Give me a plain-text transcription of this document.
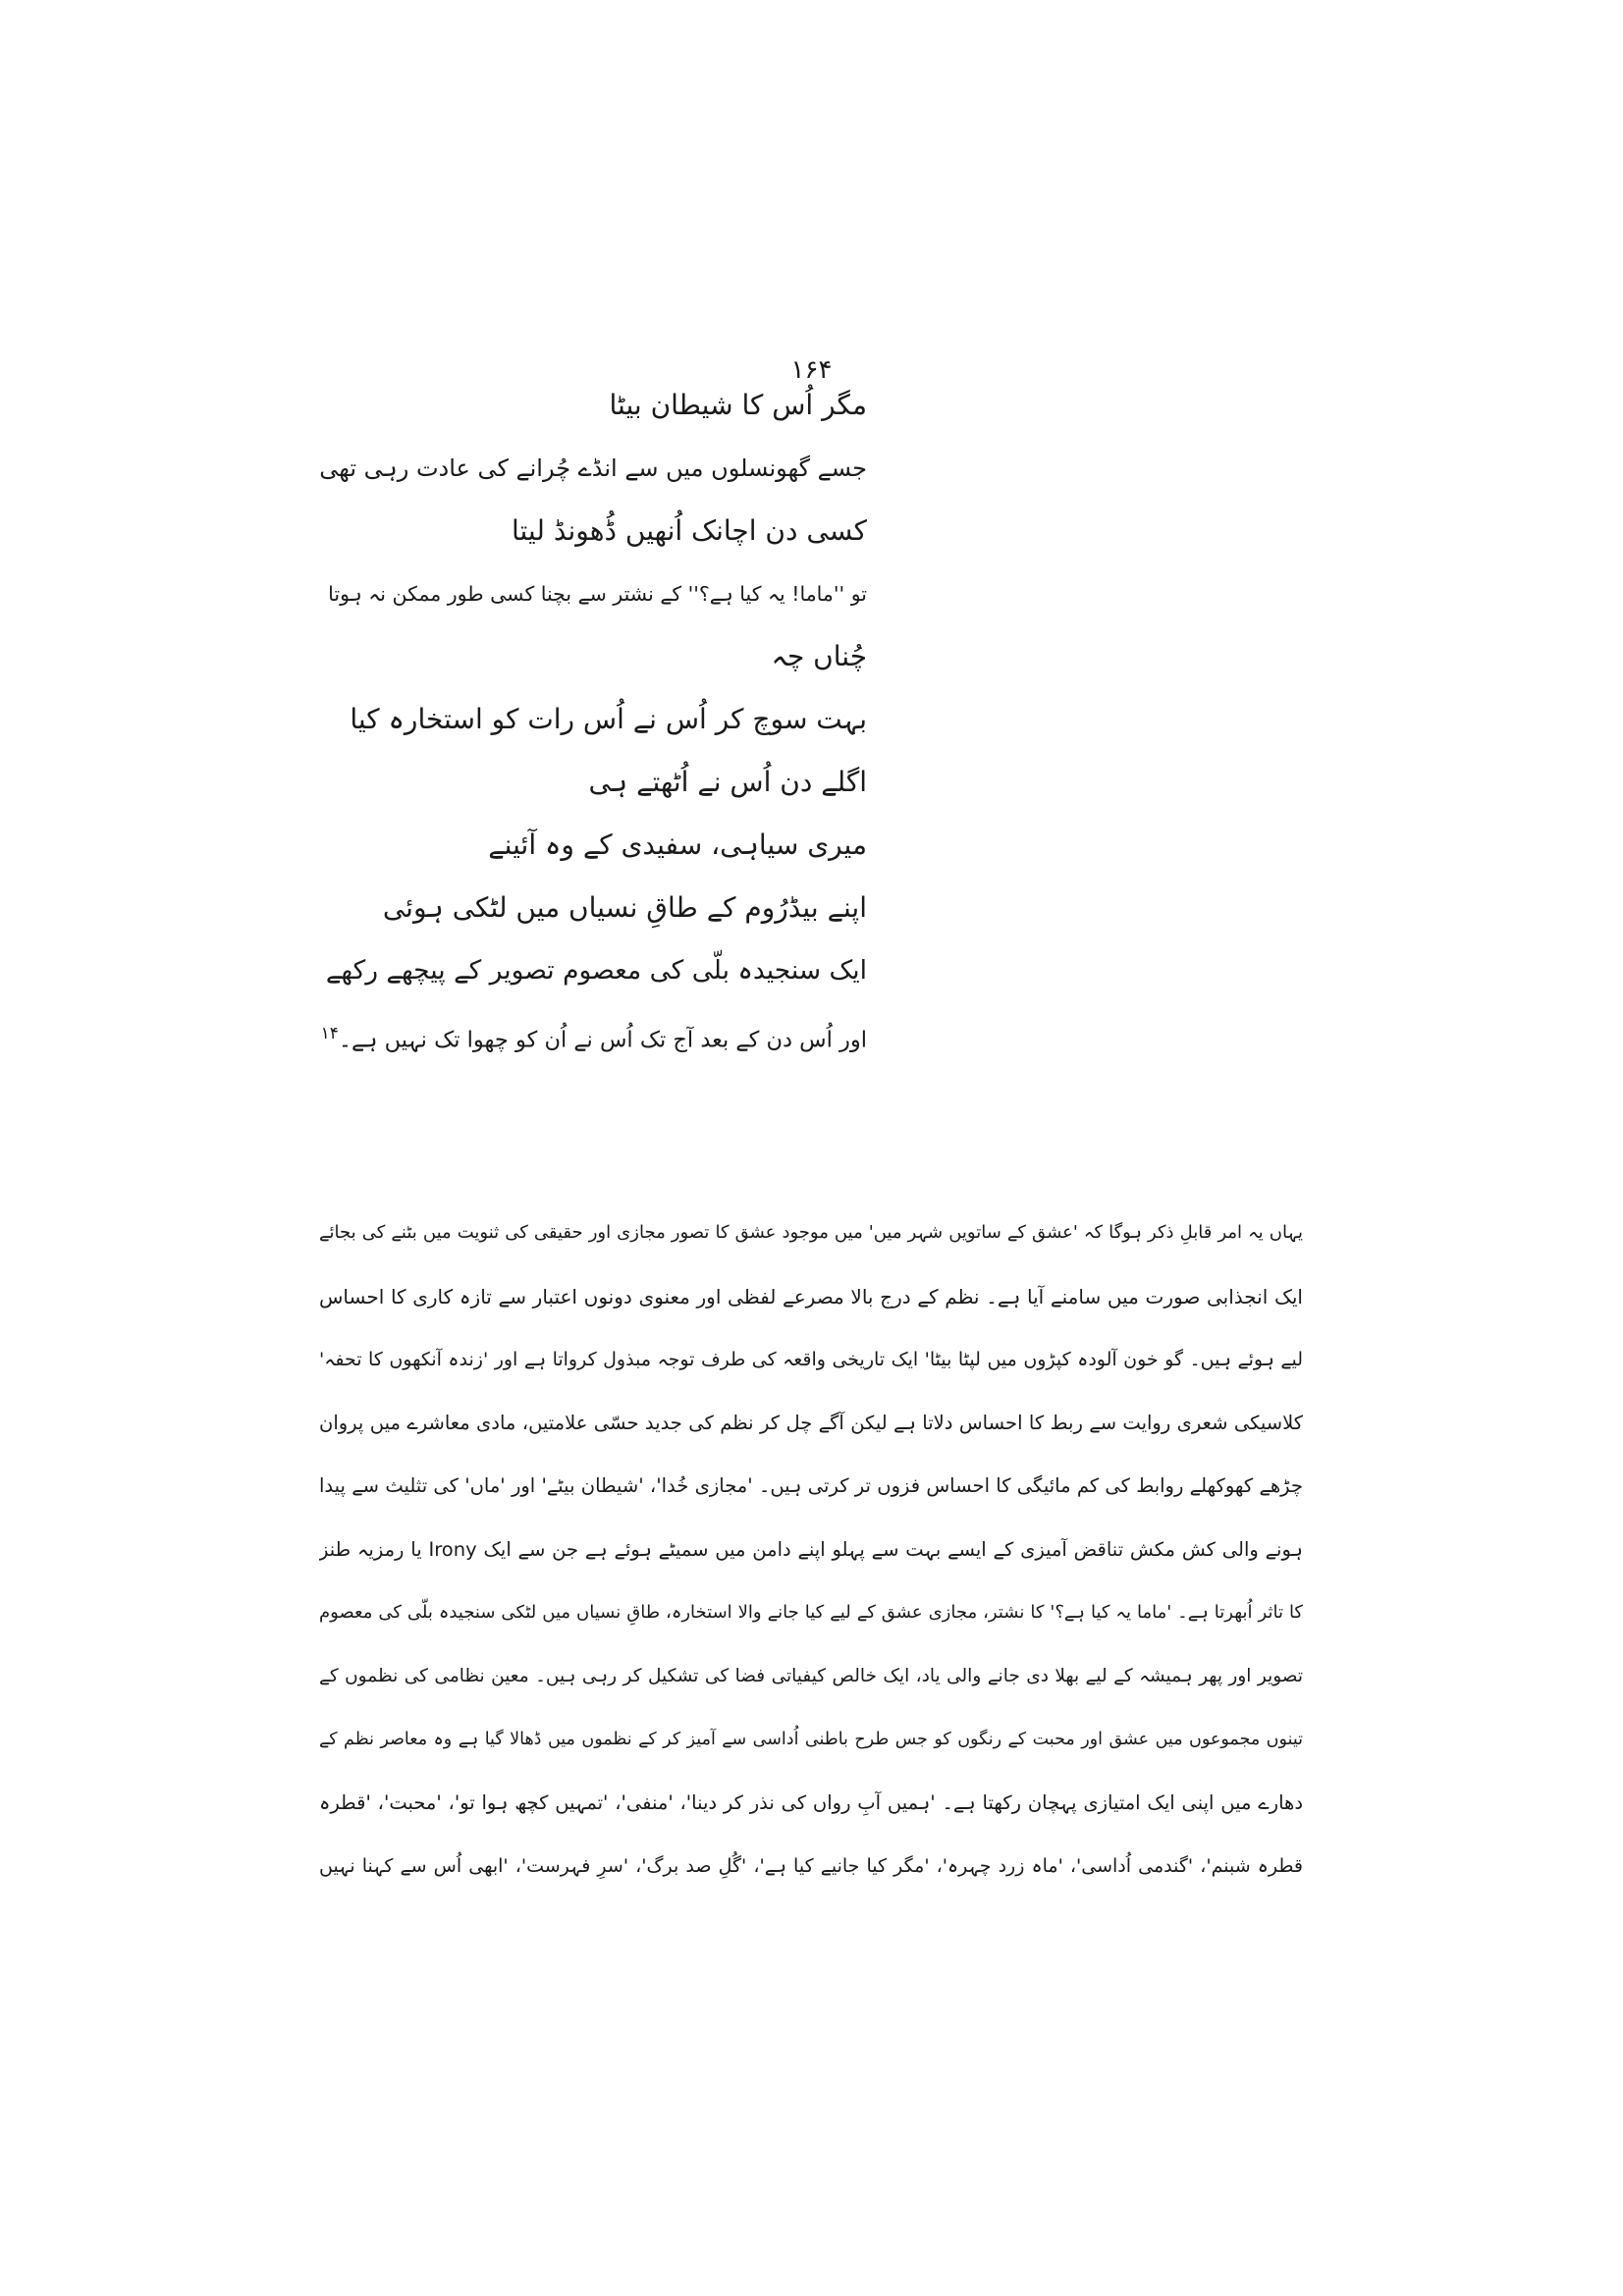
۱۶۴
مگر اُس کا شیطان بیٹا
جسے گھونسلوں میں سے انڈے چُرانے کی عادت رہی تھی
کسی دن اچانک اُنھیں ڈُھونڈ لیتا
تو ''ماما! یہ کیا ہے؟'' کے نشتر سے بچنا کسی طور ممکن نہ ہوتا
چُناں چہ
بہت سوچ کر اُس نے اُس رات کو استخارہ کیا
اگلے دن اُس نے اُٹھتے ہی
میری سیاہی، سفیدی کے وہ آئینے
اپنے بیڈرُوم کے طاقِ نسیاں میں لٹکی ہوئی
ایک سنجیدہ بلّی کی معصوم تصویر کے پیچھے رکھے
اور اُس دن کے بعد آج تک اُس نے اُن کو چھوا تک نہیں ہے۔$^{۱۴}$
یہاں یہ امر قابلِ ذکر ہوگا کہ 'عشق کے ساتویں شہر میں' میں موجود عشق کا تصور مجازی اور حقیقی کی ثنویت میں بٹنے کی بجائے
ایک انجذابی صورت میں سامنے آیا ہے۔ نظم کے درج بالا مصرعے لفظی اور معنوی دونوں اعتبار سے تازہ کاری کا احساس
لیے ہوئے ہیں۔ گو خون آلودہ کپڑوں میں لپٹا بیٹا' ایک تاریخی واقعہ کی طرف توجہ مبذول کرواتا ہے اور 'زندہ آنکھوں کا تحفہ'
کلاسیکی شعری روایت سے ربط کا احساس دلاتا ہے لیکن آگے چل کر نظم کی جدید حسّی علامتیں، مادی معاشرے میں پروان
چڑھے کھوکھلے روابط کی کم مائیگی کا احساس فزوں تر کرتی ہیں۔ 'مجازی خُدا'، 'شیطان بیٹے' اور 'ماں' کی تثلیث سے پیدا
ہونے والی کش مکش تناقض آمیزی کے ایسے بہت سے پہلو اپنے دامن میں سمیٹے ہوئے ہے جن سے ایک Irony یا رمزیہ طنز
کا تاثر اُبھرتا ہے۔ 'ماما یہ کیا ہے؟' کا نشتر، مجازی عشق کے لیے کیا جانے والا استخارہ، طاقِ نسیاں میں لٹکی سنجیدہ بلّی کی معصوم
تصویر اور پھر ہمیشہ کے لیے بھلا دی جانے والی یاد، ایک خالص کیفیاتی فضا کی تشکیل کر رہی ہیں۔ معین نظامی کی نظموں کے
تینوں مجموعوں میں عشق اور محبت کے رنگوں کو جس طرح باطنی اُداسی سے آمیز کر کے نظموں میں ڈھالا گیا ہے وہ معاصر نظم کے
دھارے میں اپنی ایک امتیازی پہچان رکھتا ہے۔ 'ہمیں آبِ رواں کی نذر کر دینا'، 'منفی'، 'تمہیں کچھ ہوا تو'، 'محبت'، 'قطرہ
قطرہ شبنم'، 'گندمی اُداسی'، 'ماہ زرد چہرہ'، 'مگر کیا جانیے کیا ہے'، 'گُلِ صد برگ'، 'سرِ فہرست'، 'ابھی اُس سے کہنا نہیں
